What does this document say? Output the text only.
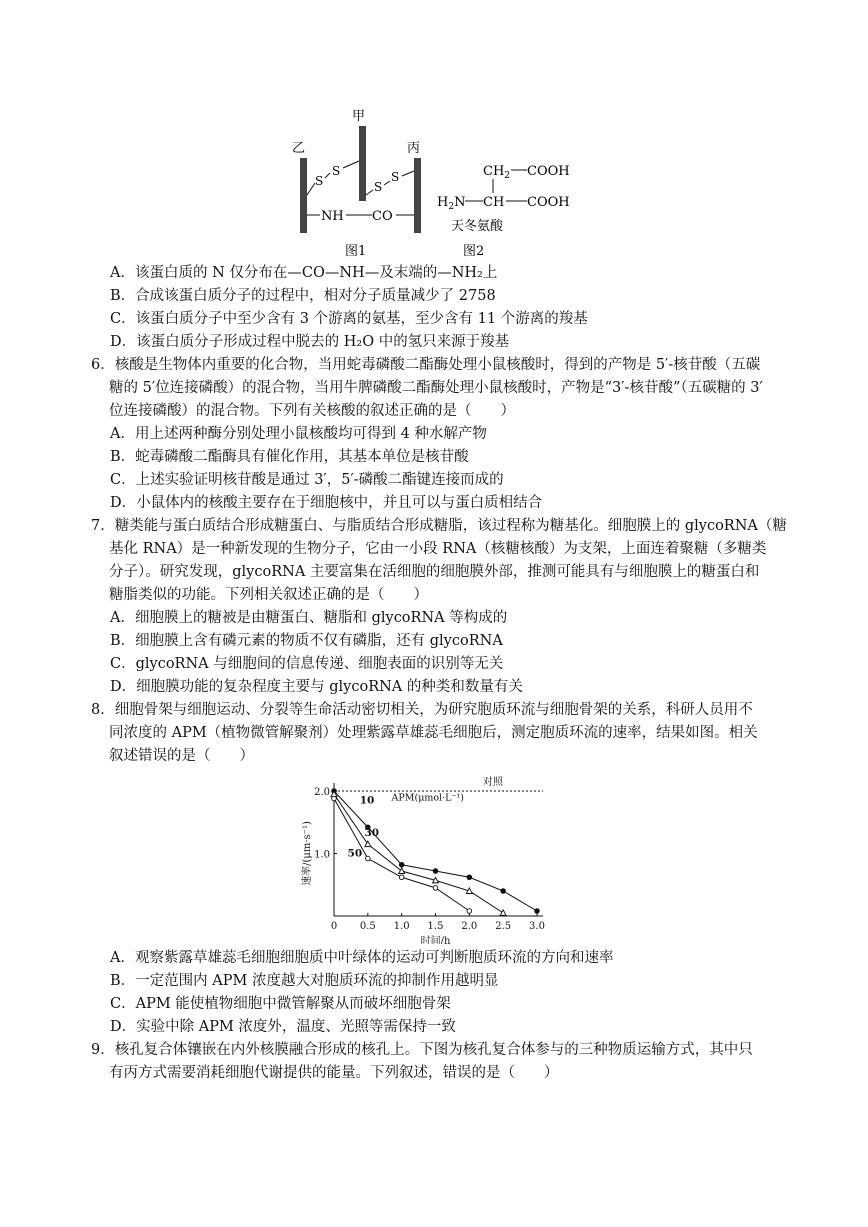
甲
乙	丙
S
S
S
S
NH CO
图1
$CH_2$ COOH
$H_2N$ CH COOH
天冬氨酸
图2
A．该蛋白质的 N 仅分布在—CO—NH—及末端的—NH₂上
B．合成该蛋白质分子的过程中，相对分子质量减少了 2758
C．该蛋白质分子中至少含有 3 个游离的氨基，至少含有 11 个游离的羧基
D．该蛋白质分子形成过程中脱去的 H₂O 中的氢只来源于羧基
6．核酸是生物体内重要的化合物，当用蛇毒磷酸二酯酶处理小鼠核酸时，得到的产物是 5′-核苷酸（五碳
糖的 5′位连接磷酸）的混合物，当用牛脾磷酸二酯酶处理小鼠核酸时，产物是“3′-核苷酸”（五碳糖的 3′
位连接磷酸）的混合物。下列有关核酸的叙述正确的是（　　）
A．用上述两种酶分别处理小鼠核酸均可得到 4 种水解产物
B．蛇毒磷酸二酯酶具有催化作用，其基本单位是核苷酸
C．上述实验证明核苷酸是通过 3′，5′-磷酸二酯键连接而成的
D．小鼠体内的核酸主要存在于细胞核中，并且可以与蛋白质相结合
7．糖类能与蛋白质结合形成糖蛋白、与脂质结合形成糖脂，该过程称为糖基化。细胞膜上的 glycoRNA（糖
基化 RNA）是一种新发现的生物分子，它由一小段 RNA（核糖核酸）为支架，上面连着聚糖（多糖类
分子）。研究发现，glycoRNA 主要富集在活细胞的细胞膜外部，推测可能具有与细胞膜上的糖蛋白和
糖脂类似的功能。下列相关叙述正确的是（　　）
A．细胞膜上的糖被是由糖蛋白、糖脂和 glycoRNA 等构成的
B．细胞膜上含有磷元素的物质不仅有磷脂，还有 glycoRNA
C．glycoRNA 与细胞间的信息传递、细胞表面的识别等无关
D．细胞膜功能的复杂程度主要与 glycoRNA 的种类和数量有关
8．细胞骨架与细胞运动、分裂等生命活动密切相关，为研究胞质环流与细胞骨架的关系，科研人员用不
同浓度的 APM（植物微管解聚剂）处理紫露草雄蕊毛细胞后，测定胞质环流的速率，结果如图。相关
叙述错误的是（　　）
0 0.5 1.0 1.5 2.0 2.5 3.0
1.0
2.0
时间/h
速率/(μm·s⁻¹)
对照
APM(μmol·L⁻¹)
10
30
50
A．观察紫露草雄蕊毛细胞细胞质中叶绿体的运动可判断胞质环流的方向和速率
B．一定范围内 APM 浓度越大对胞质环流的抑制作用越明显
C．APM 能使植物细胞中微管解聚从而破坏细胞骨架
D．实验中除 APM 浓度外，温度、光照等需保持一致
9．核孔复合体镶嵌在内外核膜融合形成的核孔上。下图为核孔复合体参与的三种物质运输方式，其中只
有丙方式需要消耗细胞代谢提供的能量。下列叙述，错误的是（　　）
